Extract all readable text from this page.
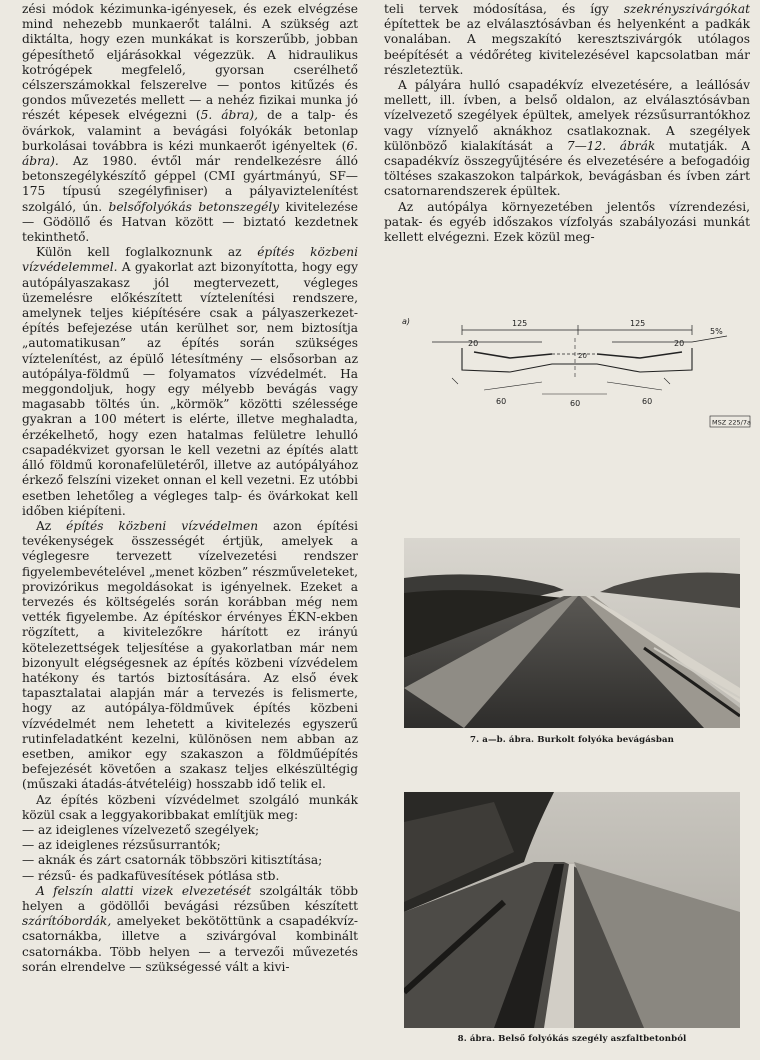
zési módok kézimunka-igényesek, és ezek elvégzése mind nehezebb munkaerőt találni. A szükség azt diktálta, hogy ezen munkákat is korszerűbb, jobban gépesíthető eljárásokkal végezzük. A hidraulikus kotrógépek megfelelő, gyorsan cserélhető célszerszámokkal felszerelve — pontos kitűzés és gondos művezetés mellett — a nehéz fizikai munka jó részét képesek elvégezni (5. ábra), de a talp- és övárkok, valamint a bevágási folyókák betonlap burkolásai továbbra is kézi munkaerőt igényeltek (6. ábra). Az 1980. évtől már rendelkezésre álló betonszegélykészítő géppel (CMI gyártmányú, SF—175 típusú szegélyfiniser) a pályaviztelenítést szolgáló, ún. belsőfolyókás betonszegély kivitelezése — Gödöllő és Hatvan között — biztató kezdetnek tekinthető.

Külön kell foglalkoznunk az építés közbeni vízvédelemmel. A gyakorlat azt bizonyította, hogy egy autópályaszakasz jól megtervezett, végleges üzemelésre előkészített víztelenítési rendszere, amelynek teljes kiépítésére csak a pályaszerkezet-építés befejezése után kerülhet sor, nem biztosítja „automatikusan” az építés során szükséges víztelenítést, az épülő létesítmény — elsősorban az autópálya-földmű — folyamatos vízvédelmét. Ha meggondoljuk, hogy egy mélyebb bevágás vagy magasabb töltés ún. „körmök” közötti szélessége gyakran a 100 métert is elérte, illetve meghaladta, érzékelhető, hogy ezen hatalmas felületre lehulló csapadékvizet gyorsan le kell vezetni az építés alatt álló földmű koronafelületéről, illetve az autópályához érkező felszíni vizeket onnan el kell vezetni. Ez utóbbi esetben lehetőleg a végleges talp- és övárkokat kell időben kiépíteni.

Az építés közbeni vízvédelmen azon építési tevékenységek összességét értjük, amelyek a véglegesre tervezett vízelvezetési rendszer figyelembevételével „menet közben” részműveleteket, provizórikus megoldásokat is igényelnek. Ezeket a tervezés és költségelés során korábban még nem vették figyelembe. Az építéskor érvényes ÉKN-ekben rögzített, a kivitelezőkre hárított ez irányú kötelezettségek teljesítése a gyakorlatban már nem bizonyult elégségesnek az építés közbeni vízvédelem hatékony és tartós biztosítására. Az első évek tapasztalatai alapján már a tervezés is felismerte, hogy az autópálya-földművek építés közbeni vízvédelmét nem lehetett a kivitelezés egyszerű rutinfeladatként kezelni, különösen nem abban az esetben, amikor egy szakaszon a földműépítés befejezését követően a szakasz teljes elkészültégig (műszaki átadás-átvételéig) hosszabb idő telik el.

Az építés közbeni vízvédelmet szolgáló munkák közül csak a leggyakoribbakat említjük meg:

— az ideiglenes vízelvezető szegélyek;
— az ideiglenes rézsűsurrantók;
— aknák és zárt csatornák többszöri kitisztítása;
— rézsű- és padkafüvesítések pótlása stb.

A felszín alatti vizek elvezetését szolgálták több helyen a gödöllői bevágási rézsűben készített szárítóbordák, amelyeket bekötöttünk a csapadékvíz-csatornákba, illetve a szivárgóval kombinált csatornákba. Több helyen — a tervezői művezetés során elrendelve — szükségessé vált a kivi-

teli tervek módosítása, és így szekrényszivárgókat építettek be az elválasztósávban és helyenként a padkák vonalában. A megszakító keresztszivárgók utólagos beépítését a védőréteg kivitelezésével kapcsolatban már részleteztük.

A pályára hulló csapadékvíz elvezetésére, a leállósáv mellett, ill. ívben, a belső oldalon, az elválasztósávban vízelvezető szegélyek épültek, amelyek rézsűsurrantókhoz vagy víznyelő aknákhoz csatlakoznak. A szegélyek különböző kialakítását a 7—12. ábrák mutatják. A csapadékvíz összegyűjtésére és elvezetésére a befogadóig töltéses szakaszokon talpárkok, bevágásban és ívben zárt csatornarendszerek épültek.

Az autópálya környezetében jelentős vízrendezési, patak- és egyéb időszakos vízfolyás szabályozási munkát kellett elvégezni. Ezek közül meg-

a)	125	125
5%
20	20
20
60	60	60
MSZ 225/7a
7. a—b. ábra. Burkolt folyóka bevágásban
8. ábra. Belső folyókás szegély aszfaltbetonból
